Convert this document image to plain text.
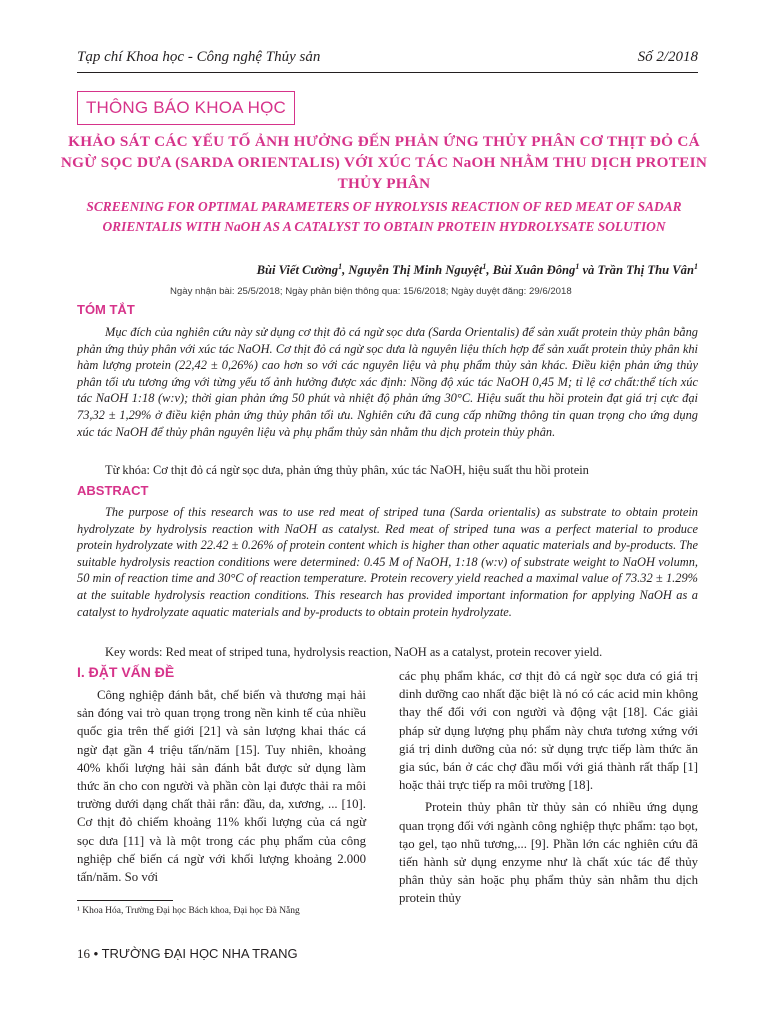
Tạp chí Khoa học - Công nghệ Thủy sản	Số 2/2018
THÔNG BÁO KHOA HỌC
KHẢO SÁT CÁC YẾU TỐ ẢNH HƯỞNG ĐẾN PHẢN ỨNG THỦY PHÂN CƠ THỊT ĐỎ CÁ NGỪ SỌC DƯA (SARDA ORIENTALIS) VỚI XÚC TÁC NaOH NHẰM THU DỊCH PROTEIN THỦY PHÂN
SCREENING FOR OPTIMAL PARAMETERS OF HYROLYSIS REACTION OF RED MEAT OF SADAR ORIENTALIS WITH NaOH AS A CATALYST TO OBTAIN PROTEIN HYDROLYSATE SOLUTION
Bùi Viết Cường$^1$, Nguyễn Thị Minh Nguyệt$^1$, Bùi Xuân Đông$^1$ và Trần Thị Thu Vân$^1$
Ngày nhận bài: 25/5/2018; Ngày phản biện thông qua: 15/6/2018; Ngày duyệt đăng: 29/6/2018
TÓM TẮT
Mục đích của nghiên cứu này sử dụng cơ thịt đỏ cá ngừ sọc dưa (Sarda Orientalis) để sản xuất protein thủy phân bằng phản ứng thủy phân với xúc tác NaOH. Cơ thịt đỏ cá ngừ sọc dưa là nguyên liệu thích hợp để sản xuất protein thủy phân khi hàm lượng protein (22,42 ± 0,26%) cao hơn so với các nguyên liệu và phụ phẩm thủy sản khác. Điều kiện phản ứng thủy phân tối ưu tương ứng với từng yếu tố ảnh hưởng được xác định: Nồng độ xúc tác NaOH 0,45 M; tỉ lệ cơ chất:thể tích xúc tác NaOH 1:18 (w:v); thời gian phản ứng 50 phút và nhiệt độ phản ứng 30°C. Hiệu suất thu hồi protein đạt giá trị cực đại 73,32 ± 1,29% ở điều kiện phản ứng thủy phân tối ưu. Nghiên cứu đã cung cấp những thông tin quan trọng cho ứng dụng xúc tác NaOH để thủy phân nguyên liệu và phụ phẩm thủy sản nhằm thu dịch protein thủy phân.
Từ khóa: Cơ thịt đỏ cá ngừ sọc dưa, phản ứng thủy phân, xúc tác NaOH, hiệu suất thu hồi protein
ABSTRACT
The purpose of this research was to use red meat of striped tuna (Sarda orientalis) as substrate to obtain protein hydrolyzate by hydrolysis reaction with NaOH as catalyst. Red meat of striped tuna was a perfect material to produce protein hydrolyzate with 22.42 ± 0.26% of protein content which is higher than other aquatic materials and by-products. The suitable hydrolysis reaction conditions were determined: 0.45 M of NaOH, 1:18 (w:v) of substrate weight to NaOH volumn, 50 min of reaction time and 30°C of reaction temperature. Protein recovery yield reached a maximal value of 73.32 ± 1.29% at the suitable hydrolysis reaction conditions. This research has provided important information for applying NaOH as a catalyst to hydrolyzate aquatic materials and by-products to obtain protein hydrolyzate.
Key words: Red meat of striped tuna, hydrolysis reaction, NaOH as a catalyst, protein recover yield.
I. ĐẶT VẤN ĐỀ
Công nghiệp đánh bắt, chế biến và thương mại hải sản đóng vai trò quan trọng trong nền kinh tế của nhiều quốc gia trên thế giới [21] và sản lượng khai thác cá ngừ đạt gần 4 triệu tấn/năm [15]. Tuy nhiên, khoảng 40% khối lượng hải sản đánh bắt được sử dụng làm thức ăn cho con người và phần còn lại được thải ra môi trường dưới dạng chất thải rắn: đầu, da, xương, ... [10]. Cơ thịt đỏ chiếm khoảng 11% khối lượng của cá ngừ sọc dưa [11] và là một trong các phụ phẩm của công nghiệp chế biến cá ngừ với khối lượng khoảng 2.000 tấn/năm. So với

các phụ phẩm khác, cơ thịt đỏ cá ngừ sọc dưa có giá trị dinh dưỡng cao nhất đặc biệt là nó có các acid min không thay thế đối với con người và động vật [18]. Các giải pháp sử dụng lượng phụ phẩm này chưa tương xứng với giá trị dinh dưỡng của nó: sử dụng trực tiếp làm thức ăn gia súc, bán ở các chợ đầu mối với giá thành rất thấp [1] hoặc thải trực tiếp ra môi trường [18].

Protein thủy phân từ thủy sản có nhiều ứng dụng quan trọng đối với ngành công nghiệp thực phẩm: tạo bọt, tạo gel, tạo nhũ tương,... [9]. Phần lớn các nghiên cứu đã tiến hành sử dụng enzyme như là chất xúc tác để thủy phân thủy sản hoặc phụ phẩm thủy sản nhằm thu dịch protein thủy

¹ Khoa Hóa, Trường Đại học Bách khoa, Đại học Đà Nẵng
16 • TRƯỜNG ĐẠI HỌC NHA TRANG
